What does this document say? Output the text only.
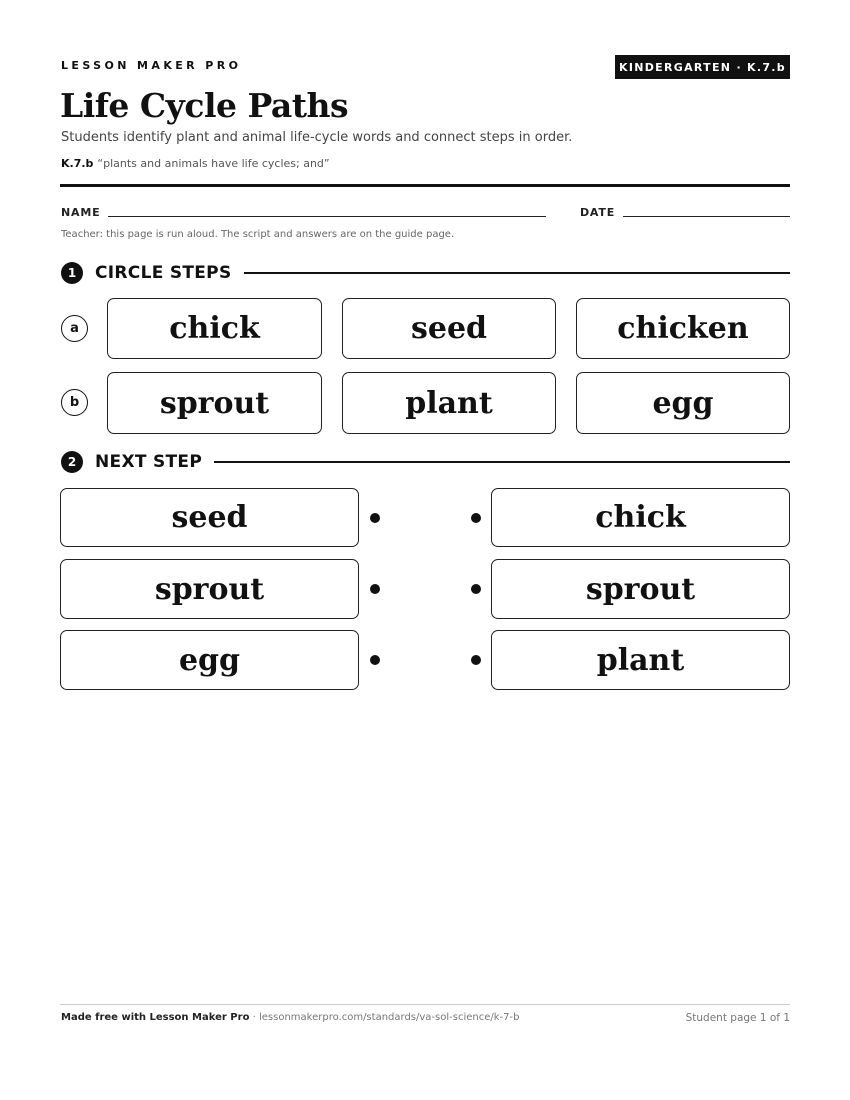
LESSON MAKER PRO	KINDERGARTEN · K.7.b
Life Cycle Paths
Students identify plant and animal life-cycle words and connect steps in order.
K.7.b “plants and animals have life cycles; and”
NAME	DATE
Teacher: this page is run aloud. The script and answers are on the guide page.
1	CIRCLE STEPS
a	chick	seed	chicken
b	sprout	plant	egg
2	NEXT STEP
seed	chick
sprout	sprout
egg	plant
Made free with Lesson Maker Pro · lessonmakerpro.com/standards/va-sol-science/k-7-b	Student page 1 of 1
